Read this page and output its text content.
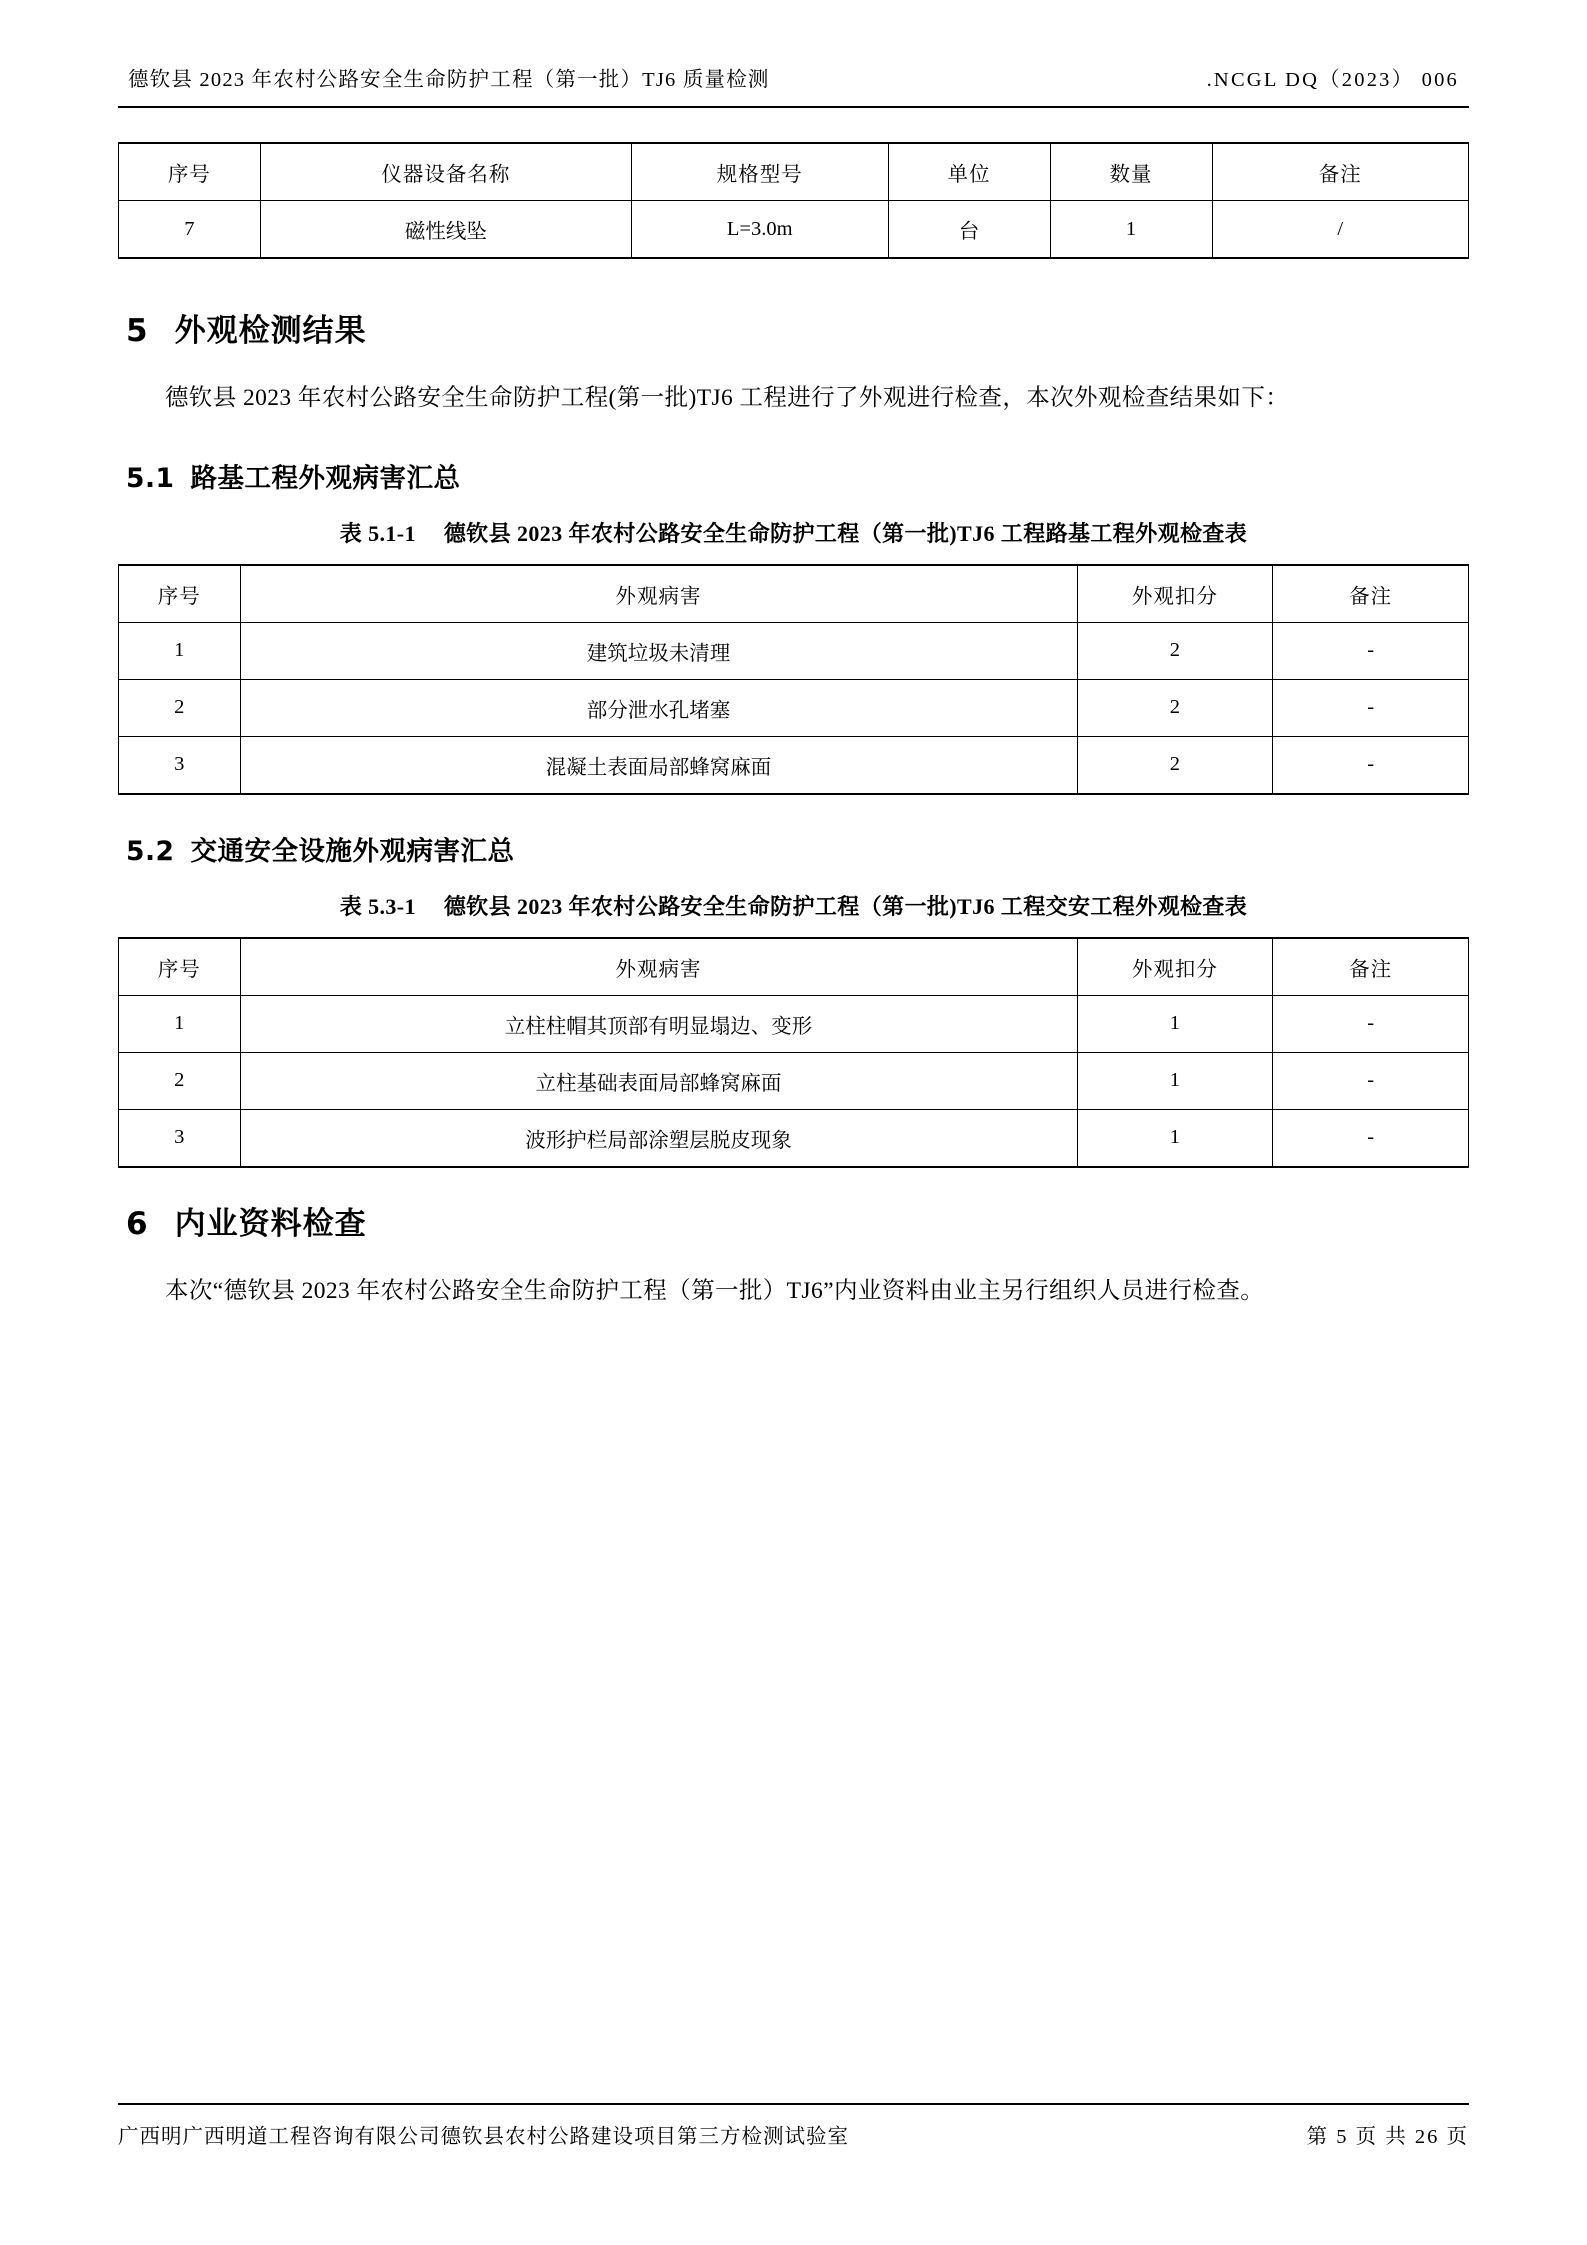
德钦县 2023 年农村公路安全生命防护工程（第一批）TJ6 质量检测	.NCGL DQ（2023） 006
序号	仪器设备名称	规格型号	单位	数量	备注
7	磁性线坠	L=3.0m	台	1	/
5 外观检测结果

德钦县 2023 年农村公路安全生命防护工程(第一批)TJ6 工程进行了外观进行检查，本次外观检查结果如下：

5.1 路基工程外观病害汇总
表 5.1-1 德钦县 2023 年农村公路安全生命防护工程（第一批)TJ6 工程路基工程外观检查表
序号	外观病害	外观扣分	备注
1	建筑垃圾未清理	2	-
2	部分泄水孔堵塞	2	-
3	混凝土表面局部蜂窝麻面	2	-
5.2 交通安全设施外观病害汇总
表 5.3-1 德钦县 2023 年农村公路安全生命防护工程（第一批)TJ6 工程交安工程外观检查表
序号	外观病害	外观扣分	备注
1	立柱柱帽其顶部有明显塌边、变形	1	-
2	立柱基础表面局部蜂窝麻面	1	-
3	波形护栏局部涂塑层脱皮现象	1	-
6 内业资料检查

本次“德钦县 2023 年农村公路安全生命防护工程（第一批）TJ6”内业资料由业主另行组织人员进行检查。

广西明广西明道工程咨询有限公司德钦县农村公路建设项目第三方检测试验室	第 5 页 共 26 页
